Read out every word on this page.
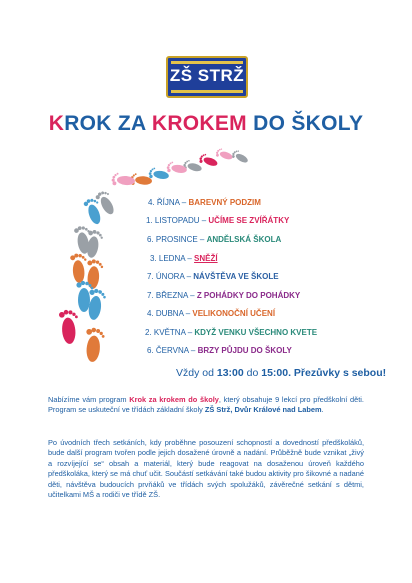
ZŠ STRŽ
KROK ZA KROKEM DO ŠKOLY
4. ŘÍJNA – BAREVNÝ PODZIM
1. LISTOPADU – UČÍME SE ZVÍŘÁTKY
6. PROSINCE – ANDĚLSKÁ ŠKOLA
3. LEDNA – SNĚŽÍ
7. ÚNORA – NÁVŠTĚVA VE ŠKOLE
7. BŘEZNA – Z POHÁDKY DO POHÁDKY
4. DUBNA – VELIKONOČNÍ UČENÍ
2. KVĚTNA – KDYŽ VENKU VŠECHNO KVETE
6. ČERVNA – BRZY PŮJDU DO ŠKOLY
Vždy od 13:00 do 15:00. Přezůvky s sebou!
Nabízíme vám program Krok za krokem do školy, který obsahuje 9 lekcí pro předškolní děti. Program se uskuteční ve třídách základní školy ZŠ Strž, Dvůr Králové nad Labem.
Po úvodních třech setkáních, kdy proběhne posouzení schopností a dovedností předškoláků, bude další program tvořen podle jejich dosažené úrovně a nadání. Průběžně bude vznikat „živý a rozvíjející se“ obsah a materiál, který bude reagovat na dosaženou úroveň každého předškoláka, který se má chuť učit. Součástí setkávání také budou aktivity pro šikovné a nadané děti, návštěva budoucích prvňáků ve třídách svých spolužáků, závěrečné setkání s dětmi, učitelkami MŠ a rodiči ve třídě ZŠ.
